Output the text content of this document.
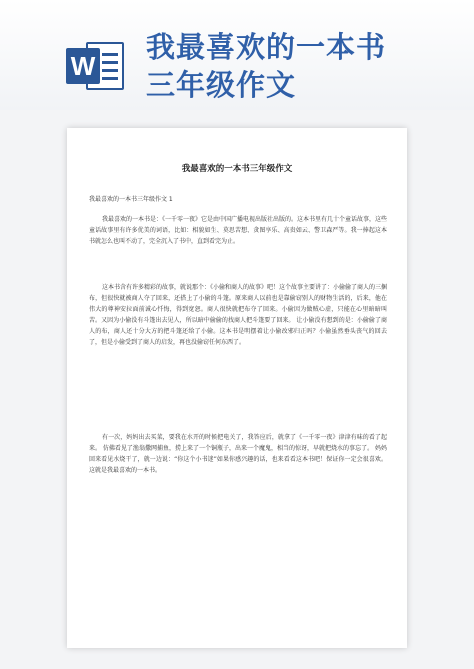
W
我最喜欢的一本书
三年级作文
我最喜欢的一本书三年级作文
我最喜欢的一本书三年级作文 1

我最喜欢的一本书是：《一千零一夜》它是由中国广播电视出版社出版的。这本书里有几十个童话故事，这些童话故事里有许多优美的词语，比如：相貌如生、莫思苦想、贪图享乐、高贵如云、警卫森严等。我一捧起这本书就怎么也叫不动了，完全沉入了书中，直到看完为止。

这本书含有许多精彩的故事，就说那个：《小偷和商人的故事》吧！这个故事主要讲了：小偷偷了商人的三捆布，但很快就被商人夺了回来，还搭上了小偷的斗篷。原来商人以前也是靠偷窃别人的财物生活的，后来，他在伟大的尊神安拉面前诚心忏悔，得到宽恕。商人很快就把布夺了回来。小偷因为做贼心虚，只能在心里暗暗叫苦。又因为小偷没有斗篷出去见人，所以暗中偷偷的找商人把斗篷要了回来。 让小偷没有想到的是：小偷偷了商人的布，商人还十分大方的把斗篷还给了小偷。这本书是明摆着让小偷改邪归正吗？小偷虽然垂头丧气的回去了，但是小偷受到了商人的启发，再也没偷窃任何东西了。

有一次，妈妈出去买菜，要我在水开的时候把电关了，我答应后，就拿了《一千零一夜》津津有味的看了起来。 仿佛看见了渔翁撒网捕鱼，捞上来了一个铜瓶子，出来一个魔鬼，相当的惊讶，早就把烧水的事忘了。 妈妈回来看见水烧干了，就一边说：“你这个小书迷”如果你感兴趣的话，也来看看这本书吧！保证你一定会很喜欢。这就是我最喜欢的一本书。
